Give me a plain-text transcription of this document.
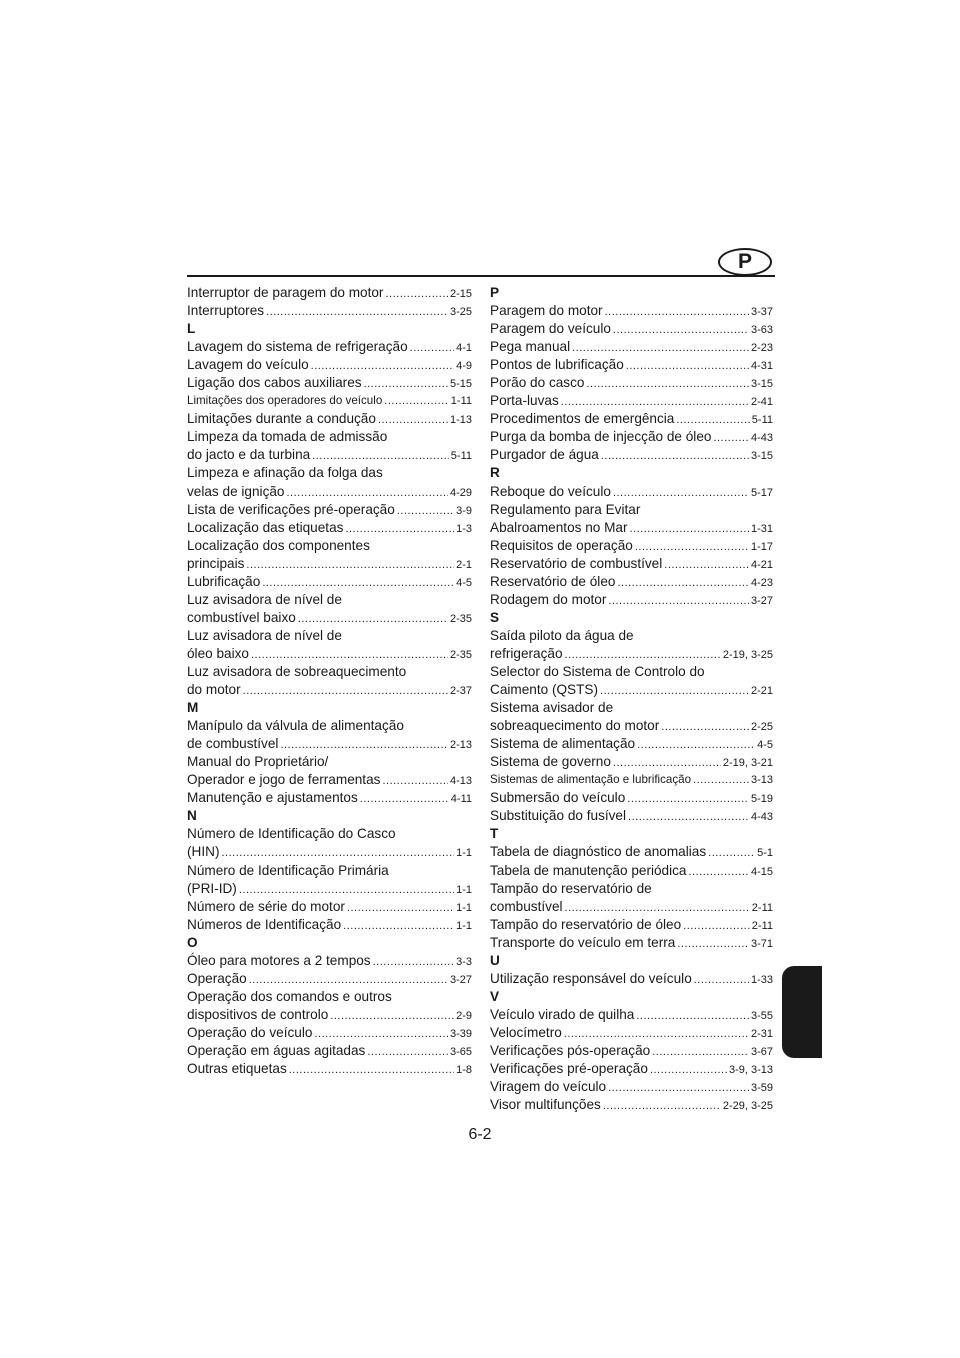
P
Interruptor de paragem do motor .....	2-15
Interruptores .....	3-25
L
Lavagem do sistema de refrigeração .....	4-1
Lavagem do veículo .....	4-9
Ligação dos cabos auxiliares .....	5-15
Limitações dos operadores do veículo .....	1-11
Limitações durante a condução .....	1-13
Limpeza da tomada de admissão
do jacto e da turbina .....	5-11
Limpeza e afinação da folga das
velas de ignição .....	4-29
Lista de verificações pré-operação .....	3-9
Localização das etiquetas .....	1-3
Localização dos componentes
principais .....	2-1
Lubrificação .....	4-5
Luz avisadora de nível de
combustível baixo .....	2-35
Luz avisadora de nível de
óleo baixo .....	2-35
Luz avisadora de sobreaquecimento
do motor .....	2-37
M
Manípulo da válvula de alimentação
de combustível .....	2-13
Manual do Proprietário/
Operador e jogo de ferramentas .....	4-13
Manutenção e ajustamentos .....	4-11
N
Número de Identificação do Casco
(HIN) .....	1-1
Número de Identificação Primária
(PRI-ID) .....	1-1
Número de série do motor .....	1-1
Números de Identificação .....	1-1
O
Óleo para motores a 2 tempos .....	3-3
Operação .....	3-27
Operação dos comandos e outros
dispositivos de controlo .....	2-9
Operação do veículo .....	3-39
Operação em águas agitadas .....	3-65
Outras etiquetas .....	1-8
P
Paragem do motor .....	3-37
Paragem do veículo .....	3-63
Pega manual .....	2-23
Pontos de lubrificação .....	4-31
Porão do casco .....	3-15
Porta-luvas .....	2-41
Procedimentos de emergência .....	5-11
Purga da bomba de injecção de óleo .....	4-43
Purgador de água .....	3-15
R
Reboque do veículo .....	5-17
Regulamento para Evitar
Abalroamentos no Mar .....	1-31
Requisitos de operação .....	1-17
Reservatório de combustível .....	4-21
Reservatório de óleo .....	4-23
Rodagem do motor .....	3-27
S
Saída piloto da água de
refrigeração .....	2-19, 3-25
Selector do Sistema de Controlo do
Caimento (QSTS) .....	2-21
Sistema avisador de
sobreaquecimento do motor .....	2-25
Sistema de alimentação .....	4-5
Sistema de governo .....	2-19, 3-21
Sistemas de alimentação e lubrificação .....	3-13
Submersão do veículo .....	5-19
Substituição do fusível .....	4-43
T
Tabela de diagnóstico de anomalias .....	5-1
Tabela de manutenção periódica .....	4-15
Tampão do reservatório de
combustível .....	2-11
Tampão do reservatório de óleo .....	2-11
Transporte do veículo em terra .....	3-71
U
Utilização responsável do veículo .....	1-33
V
Veículo virado de quilha .....	3-55
Velocímetro .....	2-31
Verificações pós-operação .....	3-67
Verificações pré-operação .....	3-9, 3-13
Viragem do veículo .....	3-59
Visor multifunções .....	2-29, 3-25
6-2
